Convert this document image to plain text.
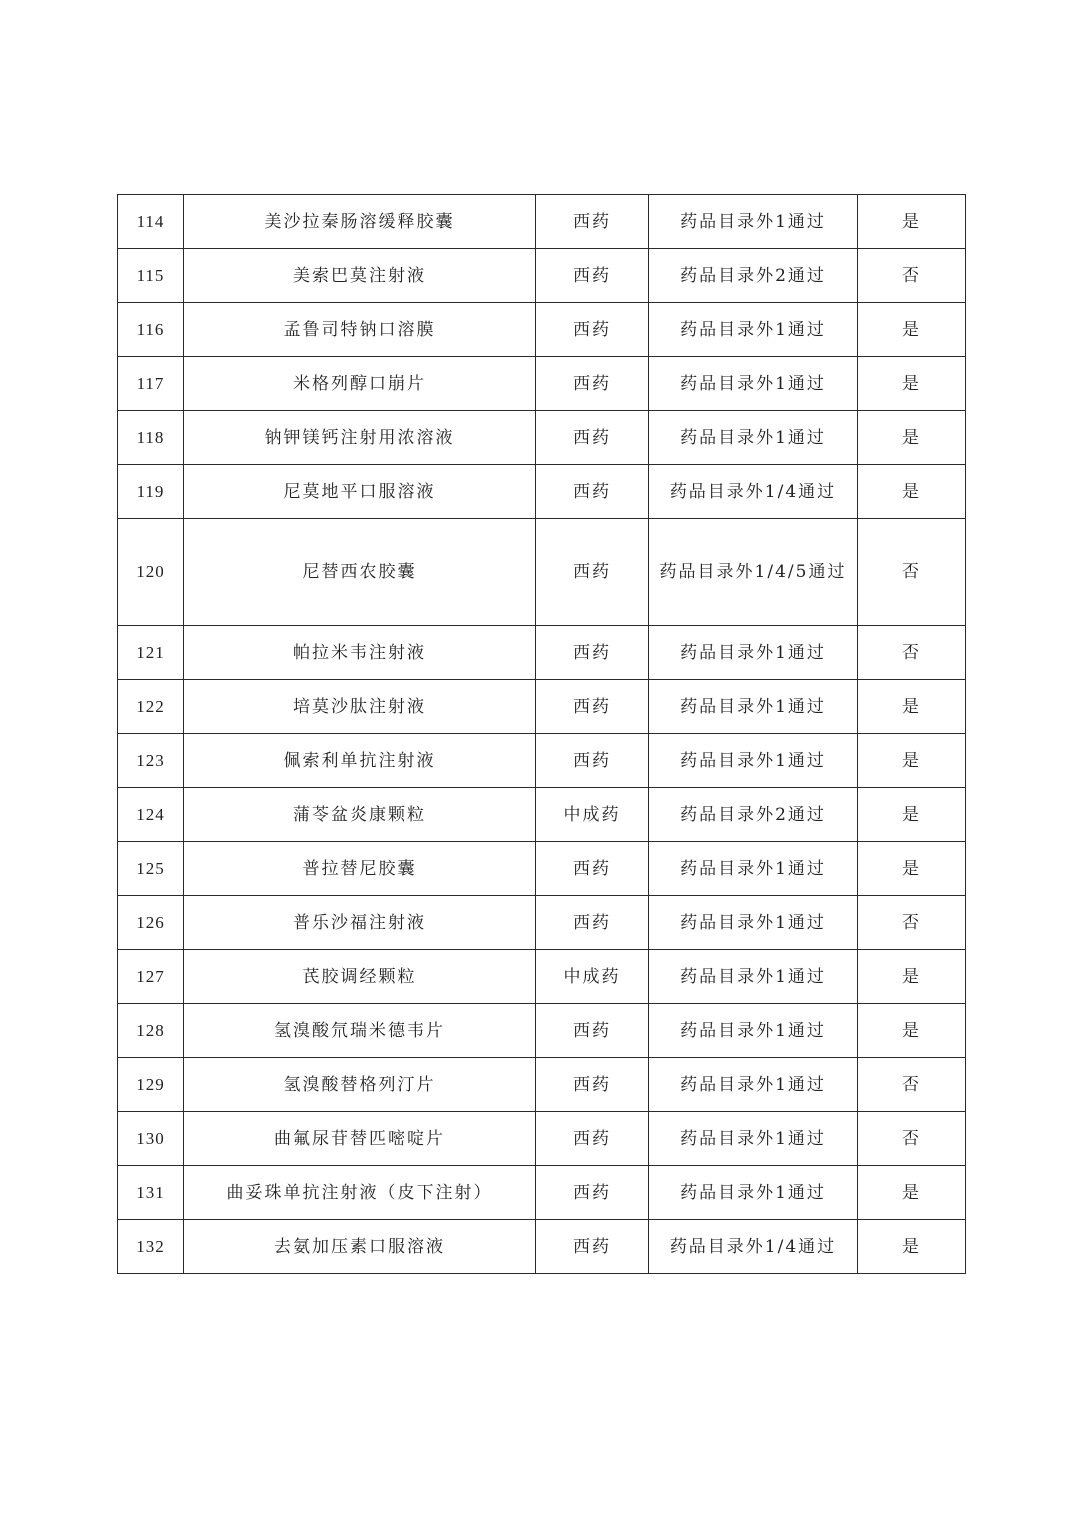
114	美沙拉秦肠溶缓释胶囊	西药	药品目录外1通过	是
115	美索巴莫注射液	西药	药品目录外2通过	否
116	孟鲁司特钠口溶膜	西药	药品目录外1通过	是
117	米格列醇口崩片	西药	药品目录外1通过	是
118	钠钾镁钙注射用浓溶液	西药	药品目录外1通过	是
119	尼莫地平口服溶液	西药	药品目录外1/4通过	是
120	尼替西农胶囊	西药	药品目录外1/4/5通过	否
121	帕拉米韦注射液	西药	药品目录外1通过	否
122	培莫沙肽注射液	西药	药品目录外1通过	是
123	佩索利单抗注射液	西药	药品目录外1通过	是
124	蒲苓盆炎康颗粒	中成药	药品目录外2通过	是
125	普拉替尼胶囊	西药	药品目录外1通过	是
126	普乐沙福注射液	西药	药品目录外1通过	否
127	芪胶调经颗粒	中成药	药品目录外1通过	是
128	氢溴酸氘瑞米德韦片	西药	药品目录外1通过	是
129	氢溴酸替格列汀片	西药	药品目录外1通过	否
130	曲氟尿苷替匹嘧啶片	西药	药品目录外1通过	否
131	曲妥珠单抗注射液（皮下注射）	西药	药品目录外1通过	是
132	去氨加压素口服溶液	西药	药品目录外1/4通过	是
